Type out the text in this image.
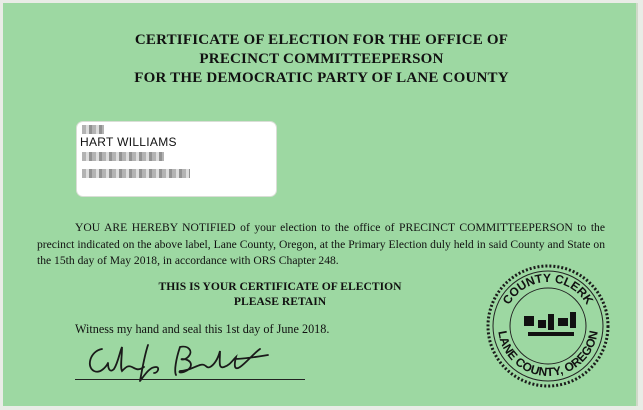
CERTIFICATE OF ELECTION FOR THE OFFICE OF
PRECINCT COMMITTEEPERSON
FOR THE DEMOCRATIC PARTY OF LANE COUNTY
HART WILLIAMS

YOU ARE HEREBY NOTIFIED of your election to the office of PRECINCT COMMITTEEPERSON to the precinct indicated on the above label, Lane County, Oregon, at the Primary Election duly held in said County and State on the 15th day of May 2018, in accordance with ORS Chapter 248.

THIS IS YOUR CERTIFICATE OF ELECTION
PLEASE RETAIN
Witness my hand and seal this 1st day of June 2018.
COUNTY CLERK
LANE COUNTY, OREGON
